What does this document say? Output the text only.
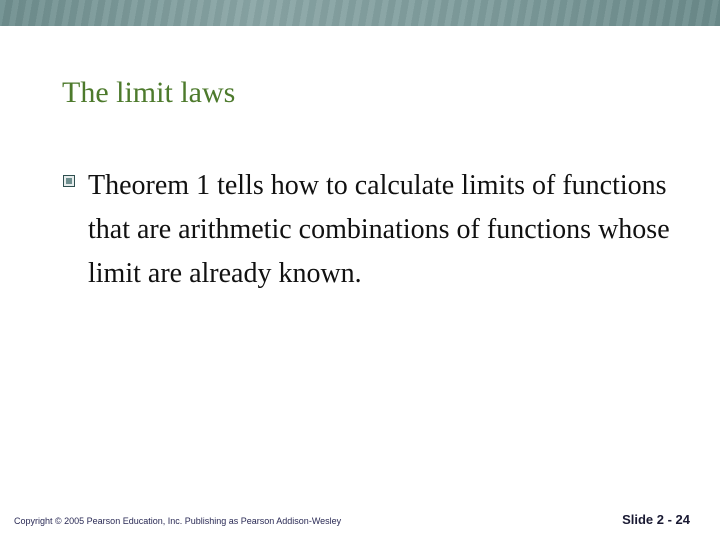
The limit laws

Theorem 1 tells how to calculate limits of functions that are arithmetic combinations of functions whose limit are already known.

Copyright © 2005 Pearson Education, Inc. Publishing as Pearson Addison-Wesley	Slide 2 - 24
